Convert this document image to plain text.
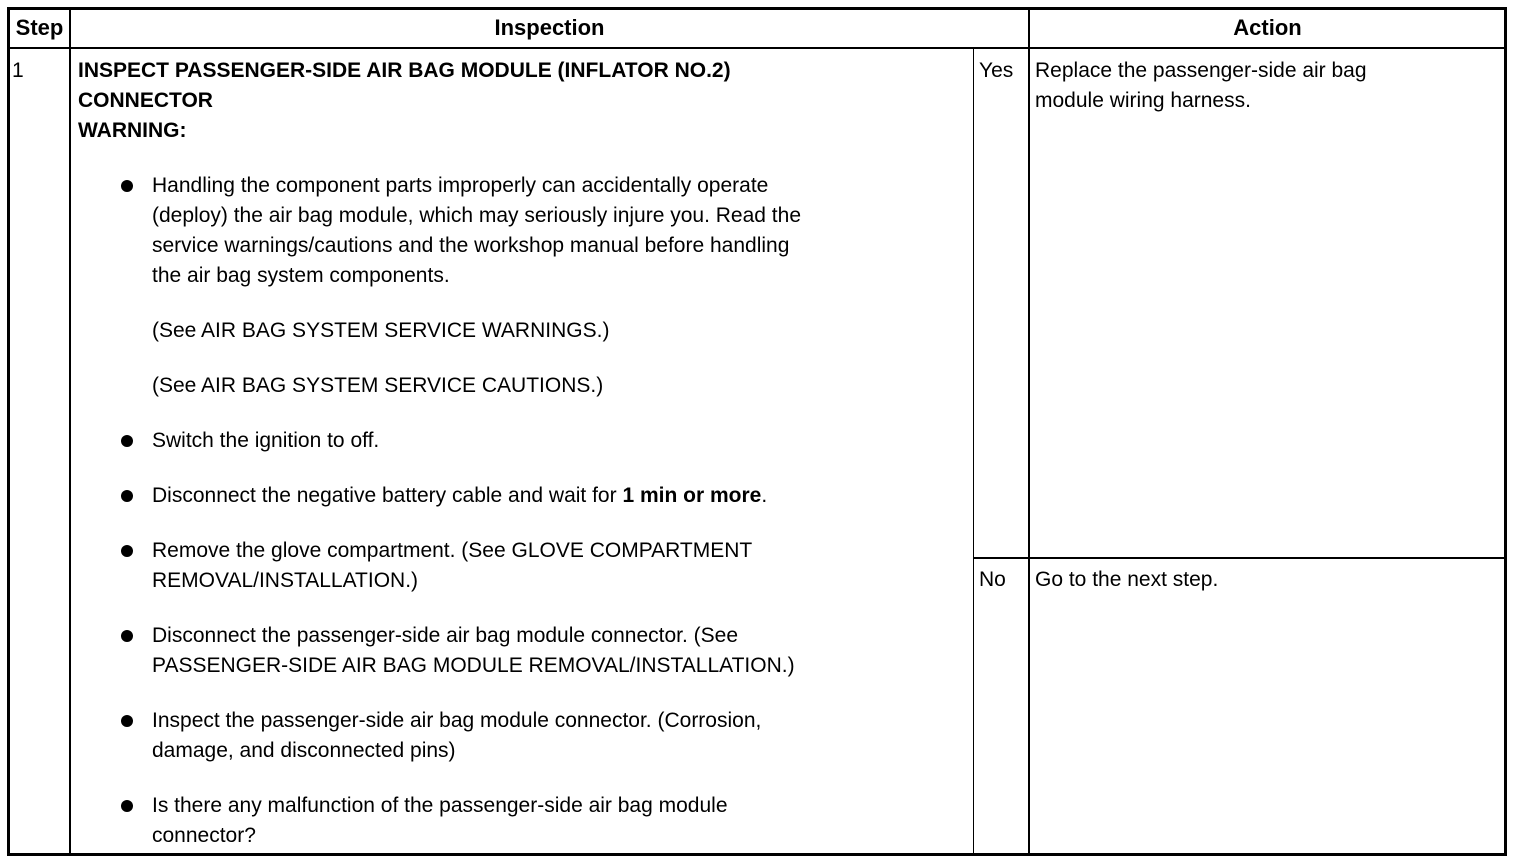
Step	Inspection	Action
1	INSPECT PASSENGER-SIDE AIR BAG MODULE (INFLATOR NO.2)
CONNECTOR
WARNING:
Handling the component parts improperly can accidentally operate
(deploy) the air bag module, which may seriously injure you. Read the
service warnings/cautions and the workshop manual before handling
the air bag system components.
(See AIR BAG SYSTEM SERVICE WARNINGS.)
(See AIR BAG SYSTEM SERVICE CAUTIONS.)
Switch the ignition to off.
Disconnect the negative battery cable and wait for 1 min or more.
Remove the glove compartment. (See GLOVE COMPARTMENT
REMOVAL/INSTALLATION.)
Disconnect the passenger-side air bag module connector. (See
PASSENGER-SIDE AIR BAG MODULE REMOVAL/INSTALLATION.)
Inspect the passenger-side air bag module connector. (Corrosion,
damage, and disconnected pins)
Is there any malfunction of the passenger-side air bag module
connector?
Yes Replace the passenger-side air bag
module wiring harness.
No Go to the next step.
